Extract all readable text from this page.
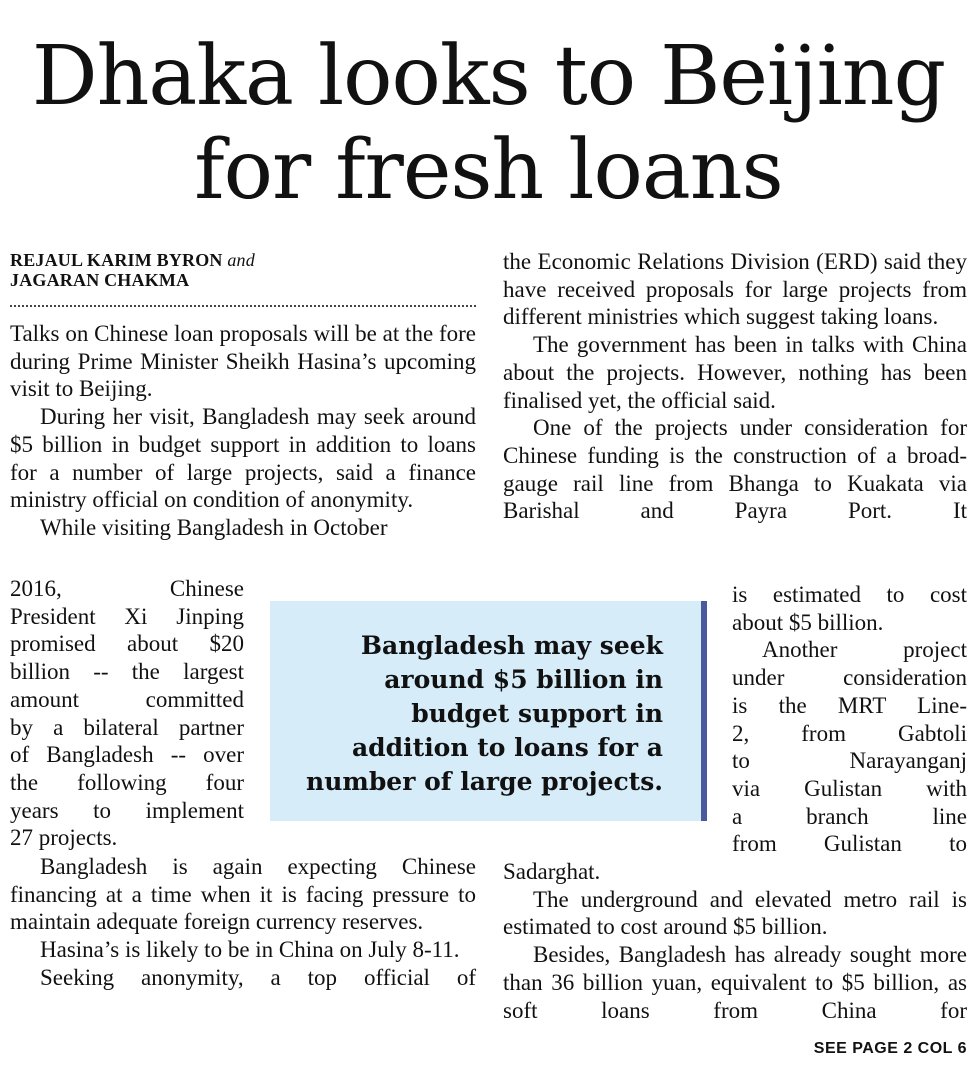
Dhaka looks to Beijing
for fresh loans
REJAUL KARIM BYRON and
JAGARAN CHAKMA

Talks on Chinese loan proposals will be at the fore during Prime Minister Sheikh Hasina’s upcoming visit to Beijing.

During her visit, Bangladesh may seek around $5 billion in budget support in addition to loans for a number of large projects, said a finance ministry official on condition of anonymity.

While visiting Bangladesh in October

2016, Chinese

President Xi Jinping

promised about $20

billion -- the largest

amount committed

by a bilateral partner

of Bangladesh -- over

the following four

years to implement

27 projects.

Bangladesh is again expecting Chinese financing at a time when it is facing pressure to maintain adequate foreign currency reserves.

Hasina’s is likely to be in China on July 8-11.

Seeking anonymity, a top official of

the Economic Relations Division (ERD) said they have received proposals for large projects from different ministries which suggest taking loans.

The government has been in talks with China about the projects. However, nothing has been finalised yet, the official said.

One of the projects under consideration for Chinese funding is the construction of a broad-gauge rail line from Bhanga to Kuakata via Barishal and Payra Port. It

is estimated to cost

about $5 billion.

Another project

under consideration

is the MRT Line-

2, from Gabtoli

to Narayanganj

via Gulistan with

a branch line

from Gulistan to

Sadarghat.

The underground and elevated metro rail is estimated to cost around $5 billion.

Besides, Bangladesh has already sought more than 36 billion yuan, equivalent to $5 billion, as soft loans from China for

Bangladesh may seek
around $5 billion in
budget support in
addition to loans for a
number of large projects.
SEE PAGE 2 COL 6
